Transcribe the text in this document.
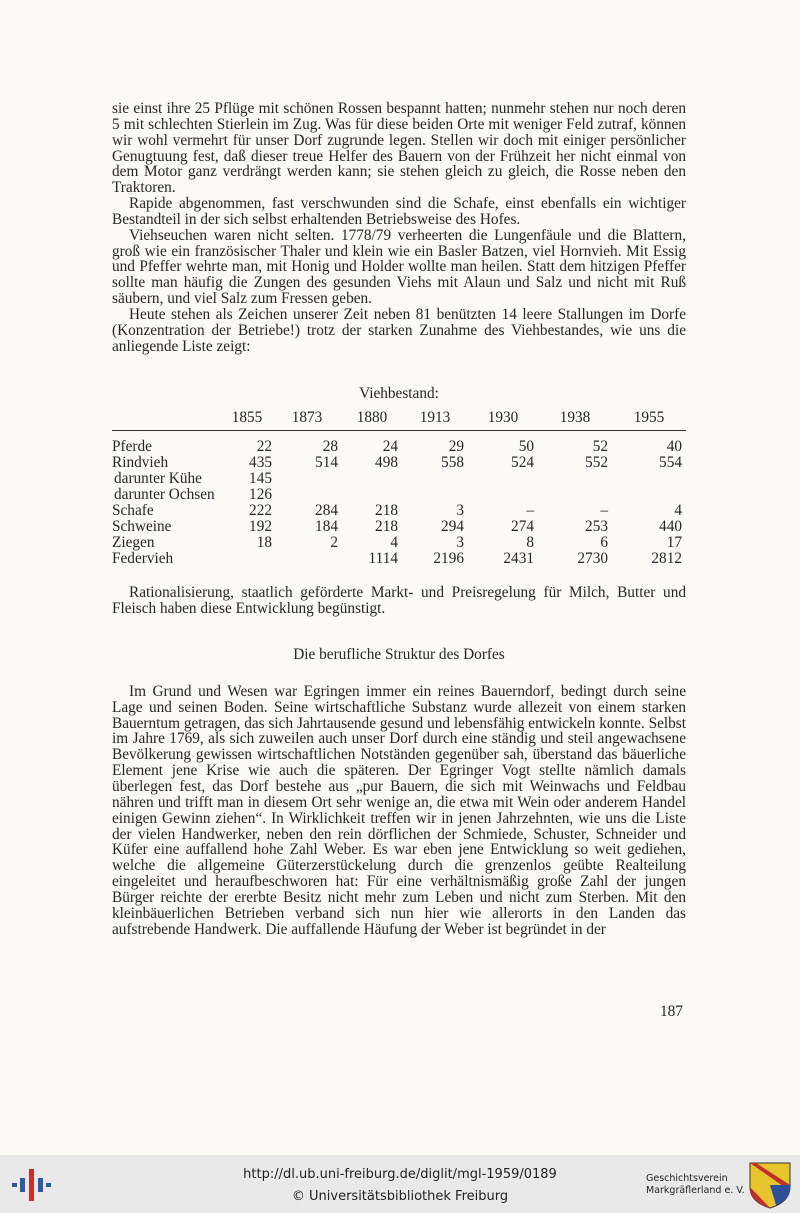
sie einst ihre 25 Pflüge mit schönen Rossen bespannt hatten; nunmehr stehen nur noch deren 5 mit schlechten Stierlein im Zug. Was für diese beiden Orte mit weniger Feld zutraf, können wir wohl vermehrt für unser Dorf zugrunde legen. Stellen wir doch mit einiger persönlicher Genugtuung fest, daß dieser treue Helfer des Bauern von der Frühzeit her nicht einmal von dem Motor ganz verdrängt werden kann; sie stehen gleich zu gleich, die Rosse neben den Traktoren.

Rapide abgenommen, fast verschwunden sind die Schafe, einst ebenfalls ein wichtiger Bestandteil in der sich selbst erhaltenden Betriebsweise des Hofes.

Viehseuchen waren nicht selten. 1778/79 verheerten die Lungenfäule und die Blattern, groß wie ein französischer Thaler und klein wie ein Basler Batzen, viel Hornvieh. Mit Essig und Pfeffer wehrte man, mit Honig und Holder wollte man heilen. Statt dem hitzigen Pfeffer sollte man häufig die Zungen des gesunden Viehs mit Alaun und Salz und nicht mit Ruß säubern, und viel Salz zum Fressen geben.

Heute stehen als Zeichen unserer Zeit neben 81 benützten 14 leere Stallungen im Dorfe (Konzentration der Betriebe!) trotz der starken Zunahme des Viehbestandes, wie uns die anliegende Liste zeigt:

Viehbestand:

	1855	1873	1880	1913	1930	1938	1955
Pferde	22	28	24	29	50	52	40
Rindvieh	435	514	498	558	524	552	554
darunter Kühe	145						
darunter Ochsen	126						
Schafe	222	284	218	3	–	–	4
Schweine	192	184	218	294	274	253	440
Ziegen	18	2	4	3	8	6	17
Federvieh			1114	2196	2431	2730	2812

Rationalisierung, staatlich geförderte Markt- und Preisregelung für Milch, Butter und Fleisch haben diese Entwicklung begünstigt.

Die berufliche Struktur des Dorfes

Im Grund und Wesen war Egringen immer ein reines Bauerndorf, bedingt durch seine Lage und seinen Boden. Seine wirtschaftliche Substanz wurde allezeit von einem starken Bauerntum getragen, das sich Jahrtausende gesund und lebensfähig entwickeln konnte. Selbst im Jahre 1769, als sich zuweilen auch unser Dorf durch eine ständig und steil angewachsene Bevölkerung gewissen wirtschaftlichen Notständen gegenüber sah, überstand das bäuerliche Element jene Krise wie auch die späteren. Der Egringer Vogt stellte nämlich damals überlegen fest, das Dorf bestehe aus „pur Bauern, die sich mit Weinwachs und Feldbau nähren und trifft man in diesem Ort sehr wenige an, die etwa mit Wein oder anderem Handel einigen Gewinn ziehen“. In Wirklichkeit treffen wir in jenen Jahrzehnten, wie uns die Liste der vielen Handwerker, neben den rein dörflichen der Schmiede, Schuster, Schneider und Küfer eine auffallend hohe Zahl Weber. Es war eben jene Entwicklung so weit gediehen, welche die allgemeine Güterzerstückelung durch die grenzenlos geübte Realteilung eingeleitet und heraufbeschworen hat: Für eine verhältnismäßig große Zahl der jungen Bürger reichte der ererbte Besitz nicht mehr zum Leben und nicht zum Sterben. Mit den kleinbäuerlichen Betrieben verband sich nun hier wie allerorts in den Landen das aufstrebende Handwerk. Die auffallende Häufung der Weber ist begründet in der

187
http://dl.ub.uni-freiburg.de/diglit/mgl-1959/0189
© Universitätsbibliothek Freiburg
Geschichtsverein
Markgräflerland e. V.
